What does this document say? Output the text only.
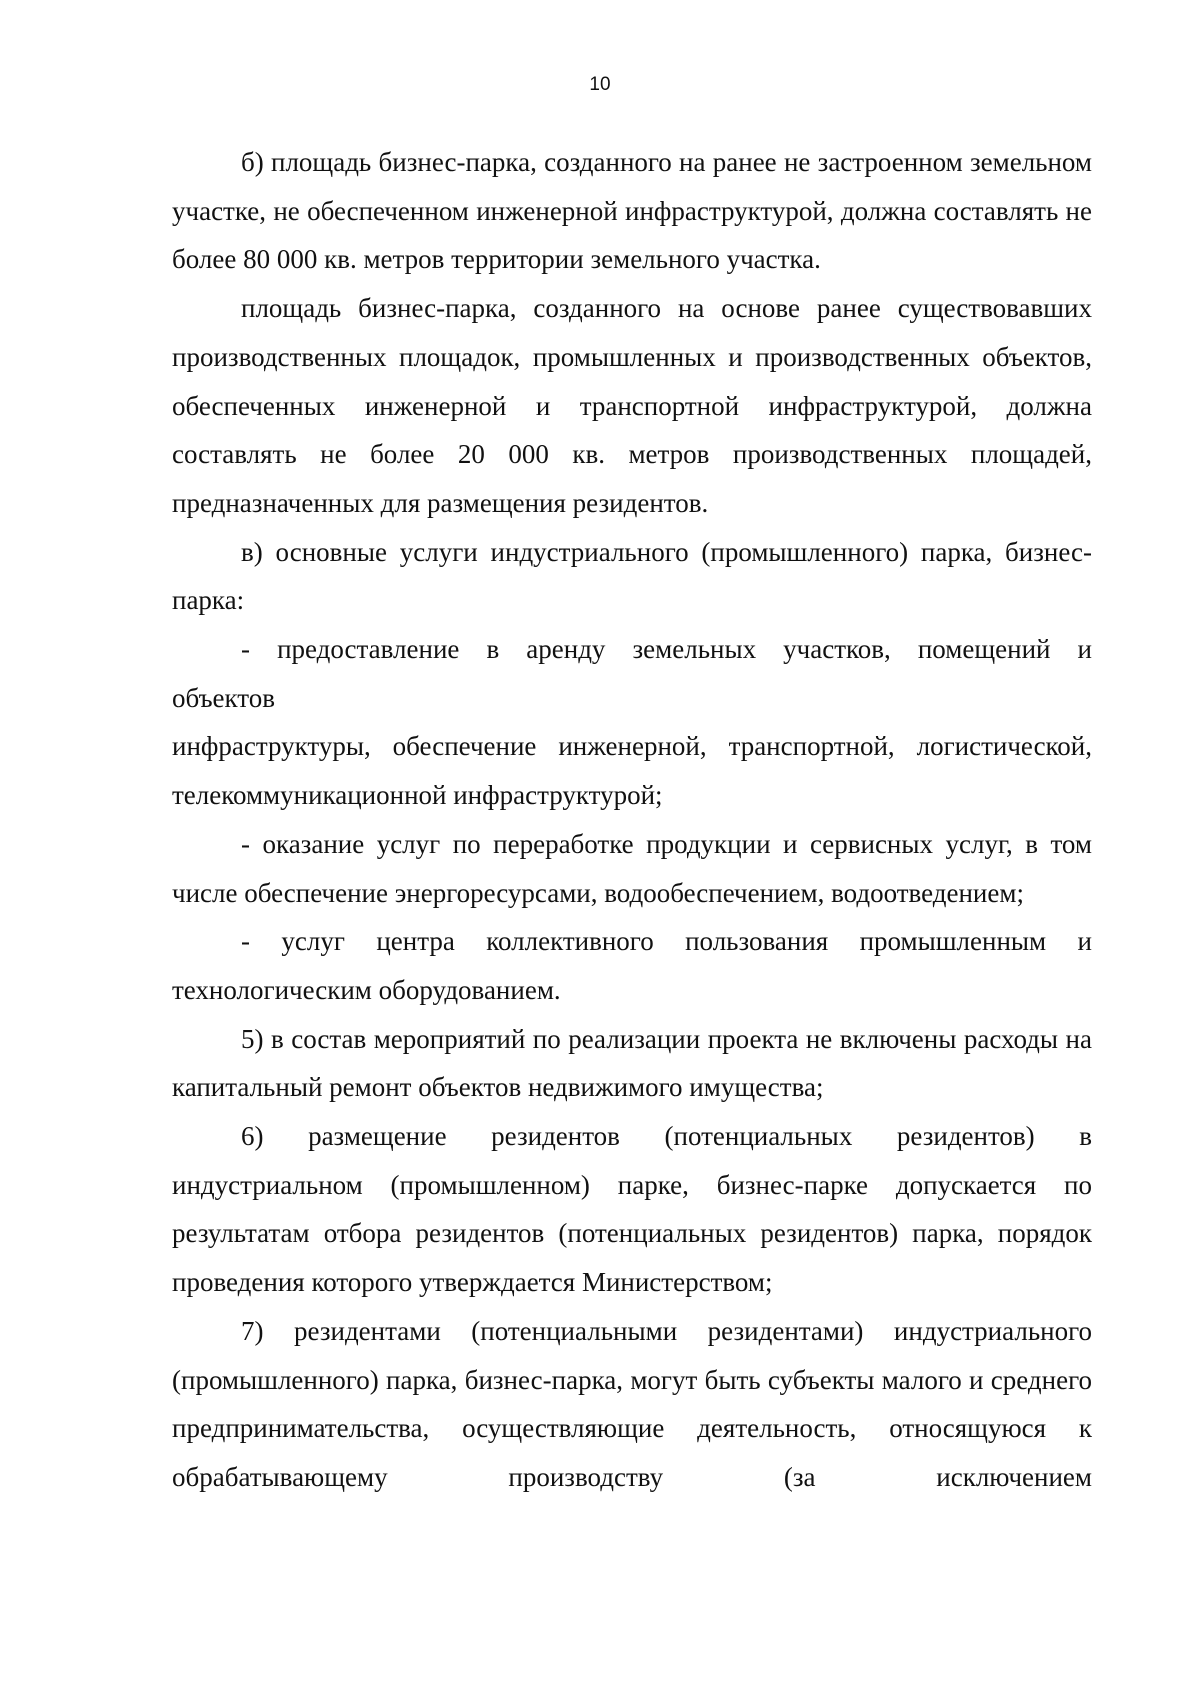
10

б) площадь бизнес-парка, созданного на ранее не застроенном земельном участке, не обеспеченном инженерной инфраструктурой, должна составлять не более 80 000 кв. метров территории земельного участка.

площадь бизнес-парка, созданного на основе ранее существовавших производственных площадок, промышленных и производственных объектов, обеспеченных инженерной и транспортной инфраструктурой, должна составлять не более 20 000 кв. метров производственных площадей, предназначенных для размещения резидентов.

в) основные услуги индустриального (промышленного) парка, бизнес-парка:

- предоставление в аренду земельных участков, помещений и

объектов

инфраструктуры, обеспечение инженерной, транспортной, логистической, телекоммуникационной инфраструктурой;

- оказание услуг по переработке продукции и сервисных услуг, в том числе обеспечение энергоресурсами, водообеспечением, водоотведением;

- услуг центра коллективного пользования промышленным и технологическим оборудованием.

5) в состав мероприятий по реализации проекта не включены расходы на капитальный ремонт объектов недвижимого имущества;

6) размещение резидентов (потенциальных резидентов) в индустриальном (промышленном) парке, бизнес-парке допускается по результатам отбора резидентов (потенциальных резидентов) парка, порядок проведения которого утверждается Министерством;

7) резидентами (потенциальными резидентами) индустриального (промышленного) парка, бизнес-парка, могут быть субъекты малого и среднего предпринимательства, осуществляющие деятельность, относящуюся к обрабатывающему производству (за исключением
